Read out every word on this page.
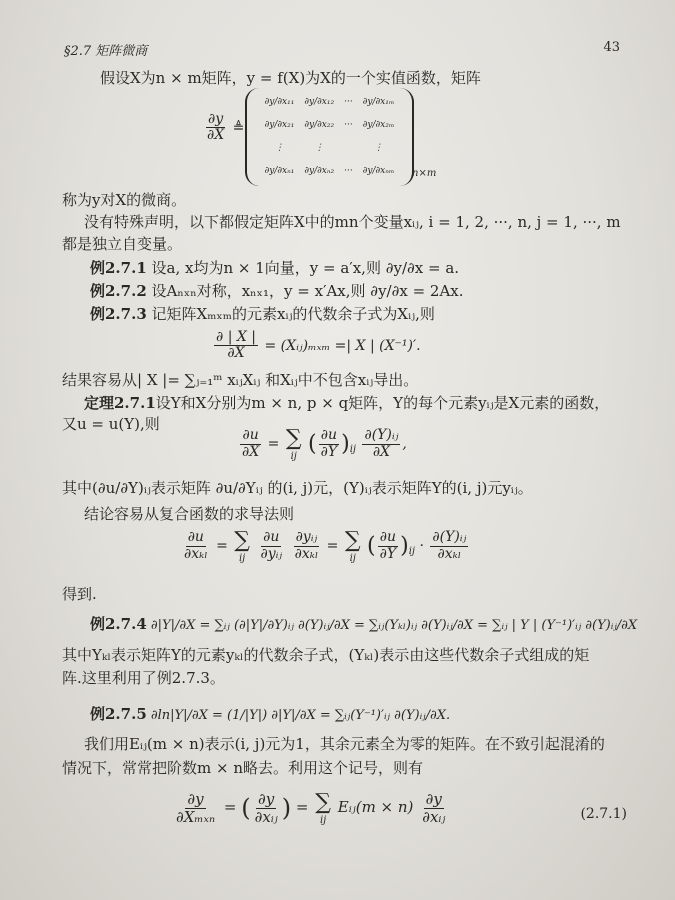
§2.7 矩阵微商	43
假设X为n × m矩阵，y = f(X)为X的一个实值函数，矩阵
$\frac{\partial y}{\partial X}$ ≜
∂y/∂x₁₁	∂y/∂x₁₂	···	∂y/∂x₁ₘ
∂y/∂x₂₁	∂y/∂x₂₂	···	∂y/∂x₂ₘ
⋮	⋮		⋮
∂y/∂xₙ₁	∂y/∂xₙ₂	···	∂y/∂xₙₘ n×m
称为y对X的微商。
没有特殊声明，以下都假定矩阵X中的mn个变量xᵢⱼ, i = 1, 2, ···, n, j = 1, ···, m
都是独立自变量。
例2.7.1 设a, x均为n × 1向量，y = a′x,则 ∂y/∂x = a.
例2.7.2 设Aₙₓₙ对称，xₙₓ₁，y = x′Ax,则 ∂y/∂x = 2Ax.
例2.7.3 记矩阵Xₘₓₘ的元素xᵢⱼ的代数余子式为Xᵢⱼ,则
$\frac{\partial | X |}{\partial X}$ = (Xᵢⱼ)ₘₓₘ =| X | (X⁻¹)′.
结果容易从| X |= ∑ⱼ₌₁ᵐ xᵢⱼXᵢⱼ 和Xᵢⱼ中不包含xᵢⱼ导出。
定理2.7.1设Y和X分别为m × n, p × q矩阵，Y的每个元素yᵢⱼ是X元素的函数，
又u = u(Y),则
$\frac{\partial u}{\partial X}$ = ∑
ij ( $\frac{\partial u}{\partial Y} )_{ij} \frac{\text{∂(Y)ᵢⱼ}}{\partial X}$ ,
其中(∂u/∂Y)ᵢⱼ表示矩阵 ∂u/∂Yᵢⱼ 的(i, j)元，(Y)ᵢⱼ表示矩阵Y的(i, j)元yᵢⱼ。
结论容易从复合函数的求导法则
$\frac{\partial u}{\text{∂xₖₗ}}$ = ∑
ij
$\frac{\partial u}{\text{∂yᵢⱼ}}$
$\frac{\text{∂yᵢⱼ}}{\text{∂xₖₗ}}$ = ∑
ij ( $\frac{\partial u}{\partial Y} )_{ij} \cdot \frac{\text{∂(Y)ᵢⱼ}}{\text{∂xₖₗ}}$
得到.
例2.7.4 ∂|Y|/∂X = ∑ᵢⱼ (∂|Y|/∂Y)ᵢⱼ ∂(Y)ᵢⱼ/∂X = ∑ᵢⱼ(Yₖₗ)ᵢⱼ ∂(Y)ᵢⱼ/∂X = ∑ᵢⱼ | Y | (Y⁻¹)′ᵢⱼ ∂(Y)ᵢⱼ/∂X
其中Yₖₗ表示矩阵Y的元素yₖₗ的代数余子式，(Yₖₗ)表示由这些代数余子式组成的矩
阵.这里利用了例2.7.3。
例2.7.5 ∂ln|Y|/∂X = (1/|Y|) ∂|Y|/∂X = ∑ᵢⱼ(Y⁻¹)′ᵢⱼ ∂(Y)ᵢⱼ/∂X.
我们用Eᵢⱼ(m × n)表示(i, j)元为1，其余元素全为零的矩阵。在不致引起混淆的
情况下，常常把阶数m × n略去。利用这个记号，则有
$\frac{\partial y}{\text{∂Xₘₓₙ}}$ = ( $\frac{\partial y}{\text{∂xᵢⱼ}}$ ) = ∑
ij
Eᵢⱼ(m × $n) \frac{\partial y}{\text{∂xᵢⱼ}}$	(2.7.1)
